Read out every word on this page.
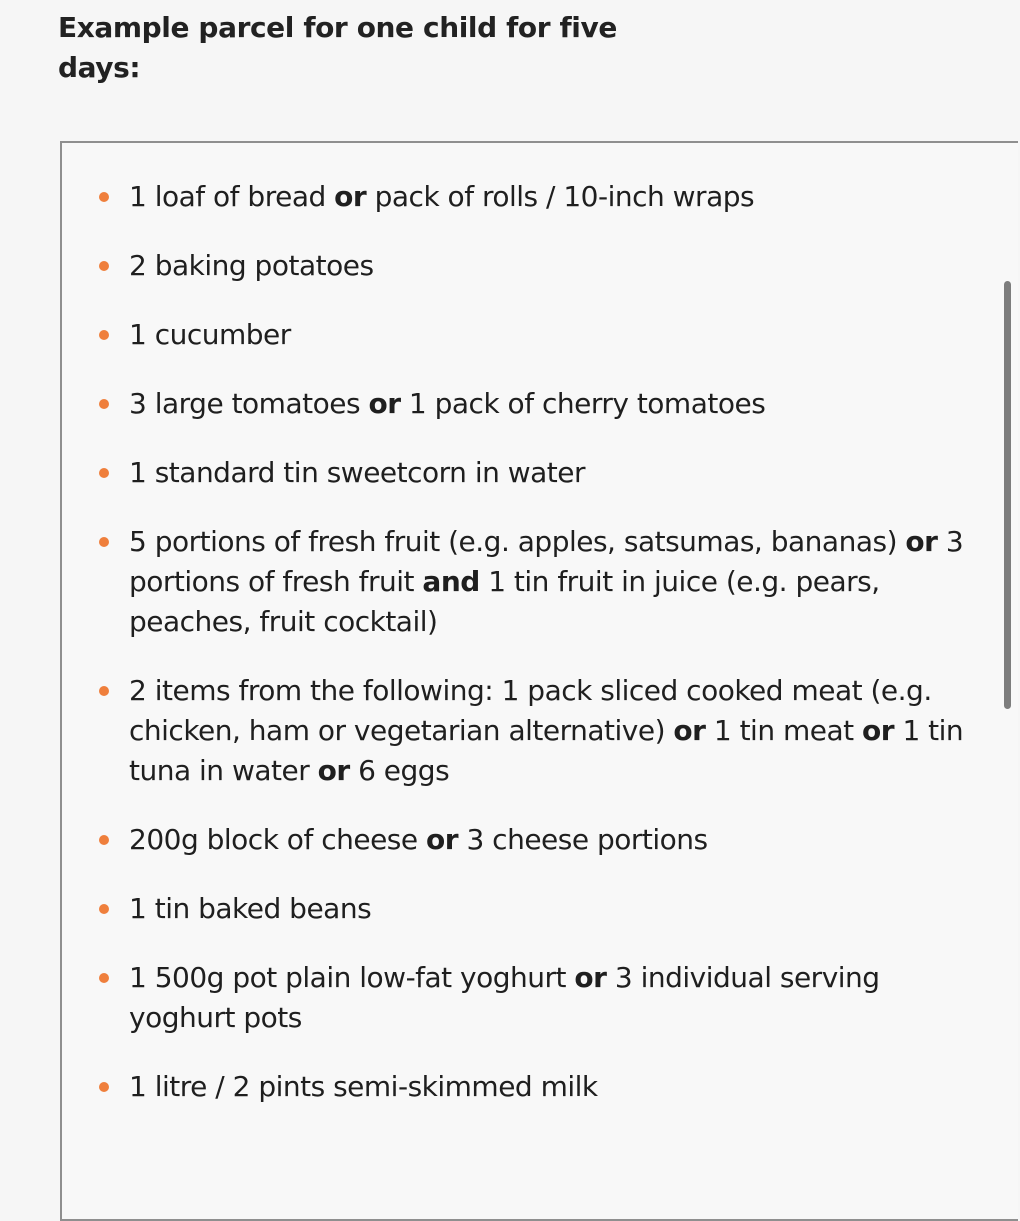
Example parcel for one child for five days:
1 loaf of bread or pack of rolls / 10-inch wraps
2 baking potatoes
1 cucumber
3 large tomatoes or 1 pack of cherry tomatoes
1 standard tin sweetcorn in water
5 portions of fresh fruit (e.g. apples, satsumas, bananas) or 3 portions of fresh fruit and 1 tin fruit in juice (e.g. pears, peaches, fruit cocktail)
2 items from the following: 1 pack sliced cooked meat (e.g. chicken, ham or vegetarian alternative) or 1 tin meat or 1 tin tuna in water or 6 eggs
200g block of cheese or 3 cheese portions
1 tin baked beans
1 500g pot plain low-fat yoghurt or 3 individual serving yoghurt pots
1 litre / 2 pints semi-skimmed milk
